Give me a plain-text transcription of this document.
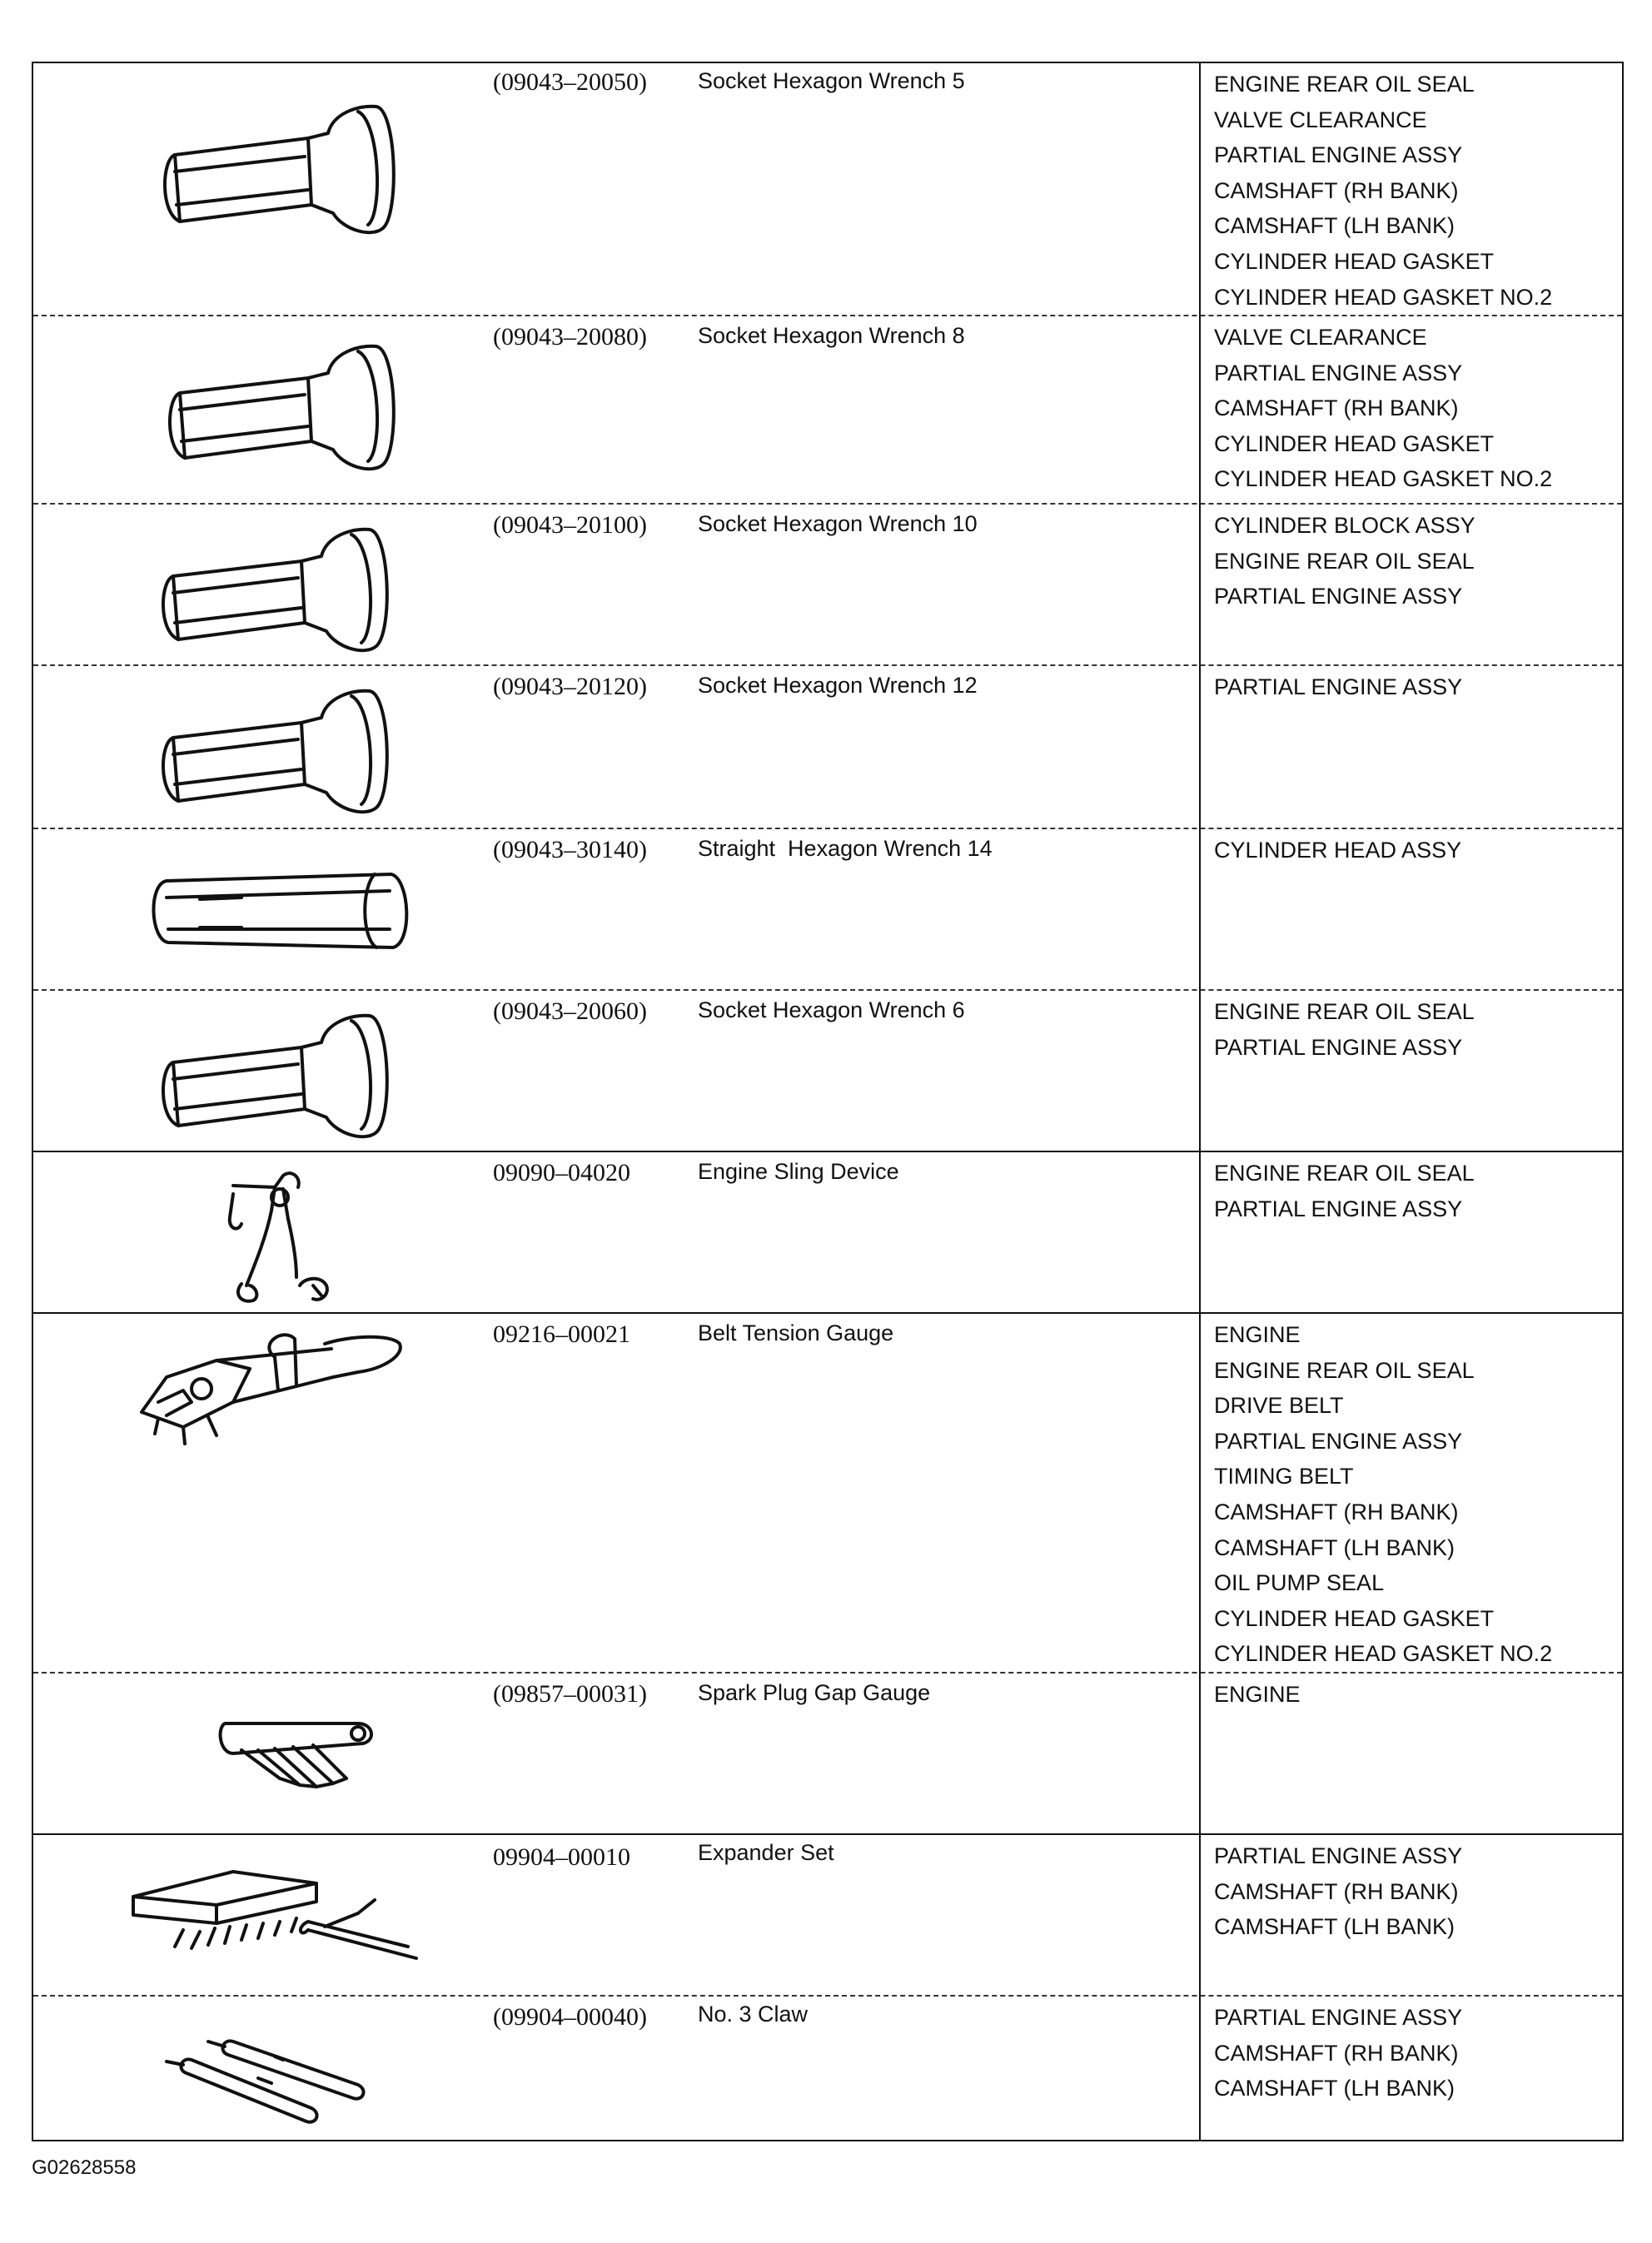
(09043–20050) Socket Hexagon Wrench 5	ENGINE REAR OIL SEAL
VALVE CLEARANCE
PARTIAL ENGINE ASSY
CAMSHAFT (RH BANK)
CAMSHAFT (LH BANK)
CYLINDER HEAD GASKET
CYLINDER HEAD GASKET NO.2
(09043–20080) Socket Hexagon Wrench 8	VALVE CLEARANCE
PARTIAL ENGINE ASSY
CAMSHAFT (RH BANK)
CYLINDER HEAD GASKET
CYLINDER HEAD GASKET NO.2
(09043–20100) Socket Hexagon Wrench 10	CYLINDER BLOCK ASSY
ENGINE REAR OIL SEAL
PARTIAL ENGINE ASSY
(09043–20120) Socket Hexagon Wrench 12	PARTIAL ENGINE ASSY
(09043–30140) Straight  Hexagon Wrench 14	CYLINDER HEAD ASSY
(09043–20060) Socket Hexagon Wrench 6	ENGINE REAR OIL SEAL
PARTIAL ENGINE ASSY
09090–04020	Engine Sling Device	ENGINE REAR OIL SEAL
PARTIAL ENGINE ASSY
09216–00021	Belt Tension Gauge	ENGINE
ENGINE REAR OIL SEAL
DRIVE BELT
PARTIAL ENGINE ASSY
TIMING BELT
CAMSHAFT (RH BANK)
CAMSHAFT (LH BANK)
OIL PUMP SEAL
CYLINDER HEAD GASKET
CYLINDER HEAD GASKET NO.2
(09857–00031) Spark Plug Gap Gauge	ENGINE
09904–00010	Expander Set	PARTIAL ENGINE ASSY
CAMSHAFT (RH BANK)
CAMSHAFT (LH BANK)
(09904–00040) No. 3 Claw	PARTIAL ENGINE ASSY
CAMSHAFT (RH BANK)
CAMSHAFT (LH BANK)
G02628558
